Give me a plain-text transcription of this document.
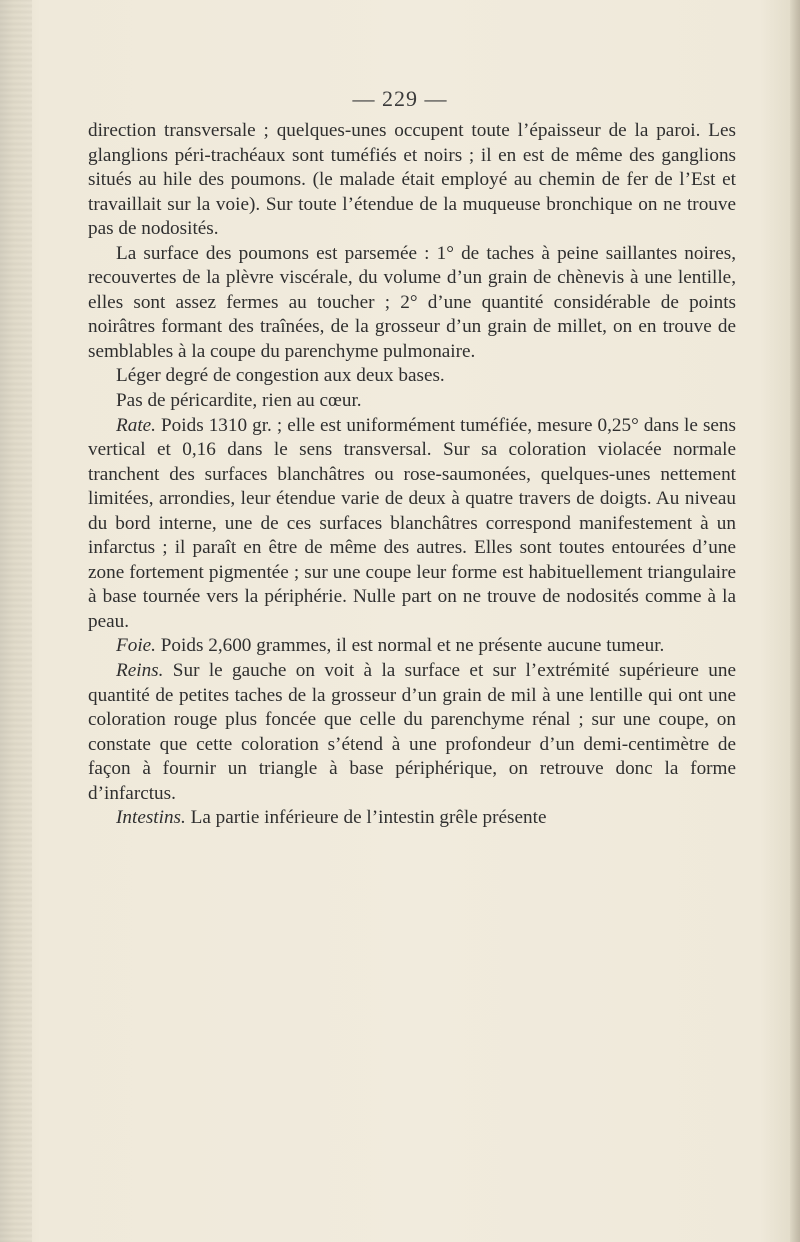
— 229 —

direction transversale ; quelques-unes occupent toute l’épaisseur de la paroi. Les glanglions péri-trachéaux sont tuméfiés et noirs ; il en est de même des ganglions situés au hile des poumons. (le malade était employé au chemin de fer de l’Est et travaillait sur la voie). Sur toute l’étendue de la muqueuse bronchique on ne trouve pas de nodosités.

La surface des poumons est parsemée : 1° de taches à peine saillantes noires, recouvertes de la plèvre viscérale, du volume d’un grain de chènevis à une lentille, elles sont assez fermes au toucher ; 2° d’une quantité considérable de points noirâtres formant des traînées, de la grosseur d’un grain de millet, on en trouve de semblables à la coupe du parenchyme pulmonaire.

Léger degré de congestion aux deux bases.

Pas de péricardite, rien au cœur.

Rate. Poids 1310 gr. ; elle est uniformément tuméfiée, mesure 0,25° dans le sens vertical et 0,16 dans le sens transversal. Sur sa coloration violacée normale tranchent des surfaces blanchâtres ou rose-saumonées, quelques-unes nettement limitées, arrondies, leur étendue varie de deux à quatre travers de doigts. Au niveau du bord interne, une de ces surfaces blanchâtres correspond manifestement à un infarctus ; il paraît en être de même des autres. Elles sont toutes entourées d’une zone fortement pigmentée ; sur une coupe leur forme est habituellement triangulaire à base tournée vers la périphérie. Nulle part on ne trouve de nodosités comme à la peau.

Foie. Poids 2,600 grammes, il est normal et ne présente aucune tumeur.

Reins. Sur le gauche on voit à la surface et sur l’extrémité supérieure une quantité de petites taches de la grosseur d’un grain de mil à une lentille qui ont une coloration rouge plus foncée que celle du parenchyme rénal ; sur une coupe, on constate que cette coloration s’étend à une profondeur d’un demi-centimètre de façon à fournir un triangle à base périphérique, on retrouve donc la forme d’infarctus.

Intestins. La partie inférieure de l’intestin grêle présente
